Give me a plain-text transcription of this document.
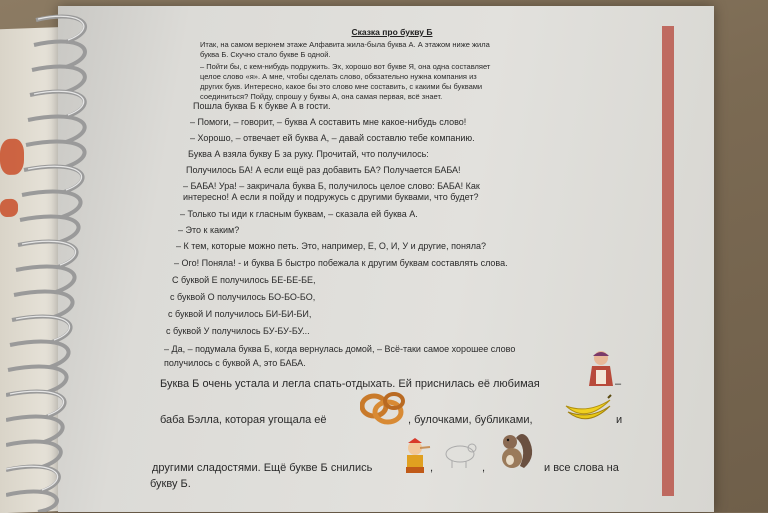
Сказка про букву Б
Итак, на самом верхнем этаже Алфавита жила-была буква А. А этажом ниже жила
буква Б. Скучно стало букве Б одной.
– Пойти бы, с кем-нибудь подружить. Эх, хорошо вот букве Я, она одна составляет
целое слово «я». А мне, чтобы сделать слово, обязательно нужна компания из
других букв. Интересно, какое бы это слово мне составить, с какими бы буквами
соединиться? Пойду, спрошу у буквы А, она самая первая, всё знает.
Пошла буква Б к букве А в гости.
– Помоги, – говорит, – буква А составить мне какое-нибудь слово!
– Хорошо, – отвечает ей буква А, – давай составлю тебе компанию.
Буква А взяла букву Б за руку. Прочитай, что получилось:
Получилось БА! А если ещё раз добавить БА? Получается БАБА!
– БАБА! Ура! – закричала буква Б, получилось целое слово: БАБА! Как
интересно! А если я пойду и подружусь с другими буквами, что будет?
– Только ты иди к гласным буквам, – сказала ей буква А.
– Это к каким?
– К тем, которые можно петь. Это, например, Е, О, И, У и другие, поняла?
– Ого! Поняла! - и буква Б быстро побежала к другим буквам составлять слова.
С буквой Е получилось БЕ-БЕ-БЕ,
с буквой О получилось БО-БО-БО,
с буквой И получилось БИ-БИ-БИ,
с буквой У получилось БУ-БУ-БУ...
– Да, – подумала буква Б, когда вернулась домой, – Всё-таки самое хорошее слово
получилось с буквой А, это БАБА.
Буква Б очень устала и легла спать-отдыхать. Ей приснилась её любимая	–
баба Бэлла, которая угощала её	, булочками, бубликами,	и
другими сладостями. Ещё букве Б снились	,	,	и все слова на
букву Б.
